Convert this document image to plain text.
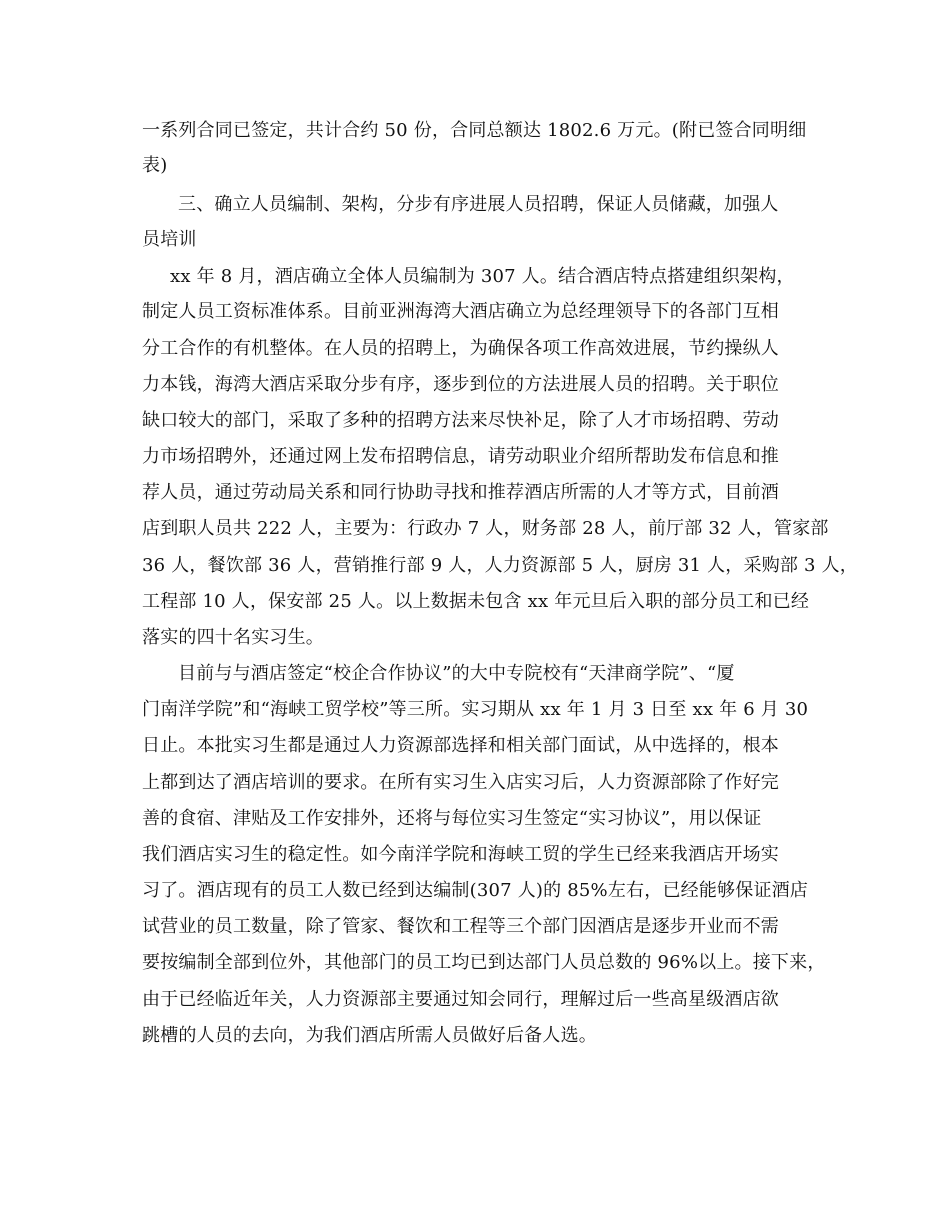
一系列合同已签定，共计合约 50 份，合同总额达 1802.6 万元。(附已签合同明细

表)

三、确立人员编制、架构，分步有序进展人员招聘，保证人员储藏，加强人

员培训

xx 年 8 月，酒店确立全体人员编制为 307 人。结合酒店特点搭建组织架构，

制定人员工资标准体系。目前亚洲海湾大酒店确立为总经理领导下的各部门互相

分工合作的有机整体。在人员的招聘上，为确保各项工作高效进展，节约操纵人

力本钱，海湾大酒店采取分步有序，逐步到位的方法进展人员的招聘。关于职位

缺口较大的部门，采取了多种的招聘方法来尽快补足，除了人才市场招聘、劳动

力市场招聘外，还通过网上发布招聘信息，请劳动职业介绍所帮助发布信息和推

荐人员，通过劳动局关系和同行协助寻找和推荐酒店所需的人才等方式，目前酒

店到职人员共 222 人，主要为：行政办 7 人，财务部 28 人，前厅部 32 人，管家部

36 人，餐饮部 36 人，营销推行部 9 人，人力资源部 5 人，厨房 31 人，采购部 3 人，

工程部 10 人，保安部 25 人。以上数据未包含 xx 年元旦后入职的部分员工和已经

落实的四十名实习生。

目前与与酒店签定“校企合作协议”的大中专院校有“天津商学院”、“厦

门南洋学院”和“海峡工贸学校”等三所。实习期从 xx 年 1 月 3 日至 xx 年 6 月 30

日止。本批实习生都是通过人力资源部选择和相关部门面试，从中选择的，根本

上都到达了酒店培训的要求。在所有实习生入店实习后，人力资源部除了作好完

善的食宿、津贴及工作安排外，还将与每位实习生签定“实习协议”，用以保证

我们酒店实习生的稳定性。如今南洋学院和海峡工贸的学生已经来我酒店开场实

习了。酒店现有的员工人数已经到达编制(307 人)的 85%左右，已经能够保证酒店

试营业的员工数量，除了管家、餐饮和工程等三个部门因酒店是逐步开业而不需

要按编制全部到位外，其他部门的员工均已到达部门人员总数的 96%以上。接下来，

由于已经临近年关，人力资源部主要通过知会同行，理解过后一些高星级酒店欲

跳槽的人员的去向，为我们酒店所需人员做好后备人选。
